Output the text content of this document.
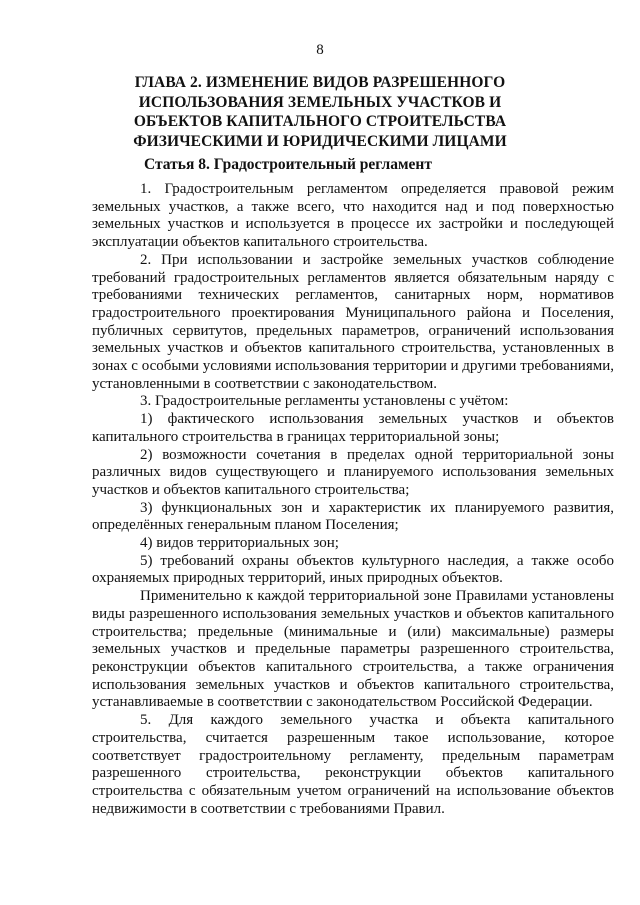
8
ГЛАВА 2. ИЗМЕНЕНИЕ ВИДОВ РАЗРЕШЕННОГО ИСПОЛЬЗОВАНИЯ ЗЕМЕЛЬНЫХ УЧАСТКОВ И ОБЪЕКТОВ КАПИТАЛЬНОГО СТРОИТЕЛЬСТВА ФИЗИЧЕСКИМИ И ЮРИДИЧЕСКИМИ ЛИЦАМИ
Статья 8. Градостроительный регламент

1. Градостроительным регламентом определяется правовой режим земельных участков, а также всего, что находится над и под поверхностью земельных участков и используется в процессе их застройки и последующей эксплуатации объектов капитального строительства.

2. При использовании и застройке земельных участков соблюдение требований градостроительных регламентов является обязательным наряду с требованиями технических регламентов, санитарных норм, нормативов градостроительного проектирования Муниципального района и Поселения, публичных сервитутов, предельных параметров, ограничений использования земельных участков и объектов капитального строительства, установленных в зонах с особыми условиями использования территории и другими требованиями, установленными в соответствии с законодательством.

3. Градостроительные регламенты установлены с учётом:

1) фактического использования земельных участков и объектов капитального строительства в границах территориальной зоны;

2) возможности сочетания в пределах одной территориальной зоны различных видов существующего и планируемого использования земельных участков и объектов капитального строительства;

3) функциональных зон и характеристик их планируемого развития, определённых генеральным планом Поселения;

4) видов территориальных зон;

5) требований охраны объектов культурного наследия, а также особо охраняемых природных территорий, иных природных объектов.

Применительно к каждой территориальной зоне Правилами установлены виды разрешенного использования земельных участков и объектов капитального строительства; предельные (минимальные и (или) максимальные) размеры земельных участков и предельные параметры разрешенного строительства, реконструкции объектов капитального строительства, а также ограничения использования земельных участков и объектов капитального строительства, устанавливаемые в соответствии с законодательством Российской Федерации.

5. Для каждого земельного участка и объекта капитального строительства, считается разрешенным такое использование, которое соответствует градостроительному регламенту, предельным параметрам разрешенного строительства, реконструкции объектов капитального строительства с обязательным учетом ограничений на использование объектов недвижимости в соответствии с требованиями Правил.
